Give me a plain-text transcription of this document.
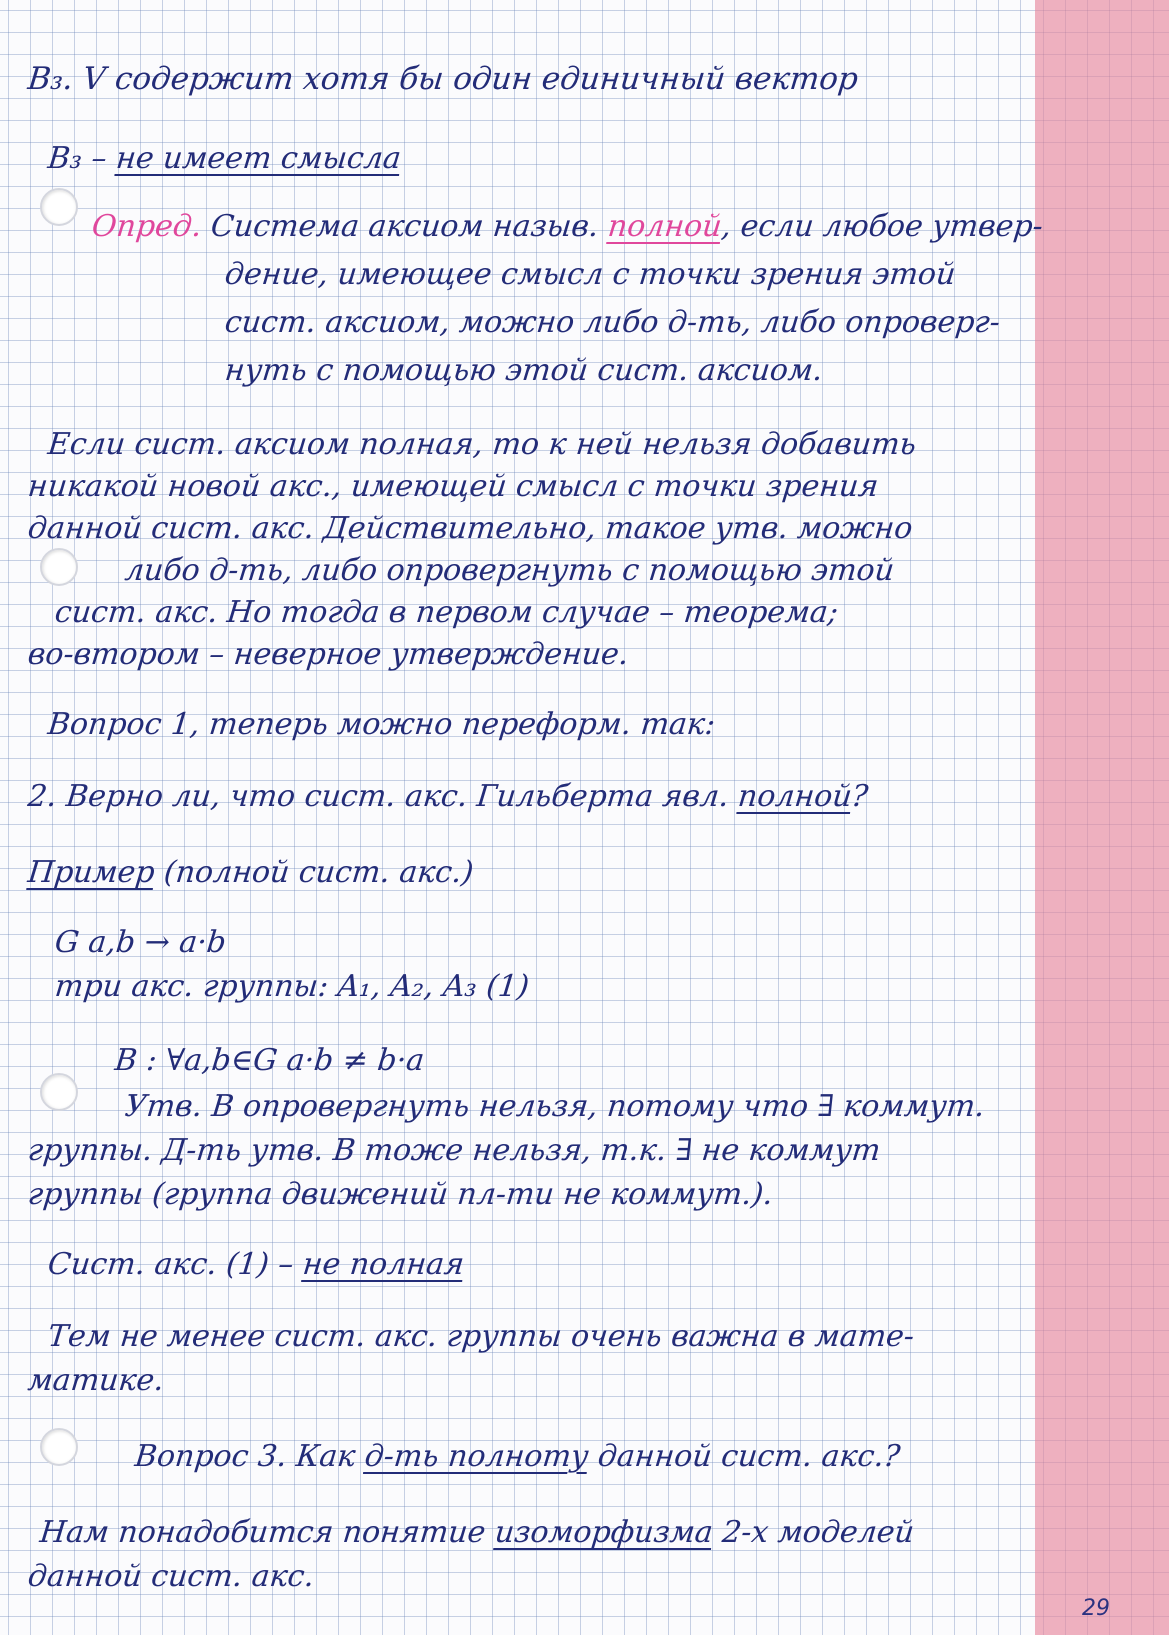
B₃. V содержит хотя бы один единичный вектор
B₃ – не имеет смысла
Опред. Система аксиом назыв. полной, если любое утвер-
дение, имеющее смысл с точки зрения этой
сист. аксиом, можно либо д-ть, либо опроверг-
нуть с помощью этой сист. аксиом.
Если сист. аксиом полная, то к ней нельзя добавить
никакой новой акс., имеющей смысл с точки зрения
данной сист. акс. Действительно, такое утв. можно
либо д-ть, либо опровергнуть с помощью этой
сист. акс. Но тогда в первом случае – теорема;
во-втором – неверное утверждение.
Вопрос 1, теперь можно переформ. так:
2. Верно ли, что сист. акс. Гильберта явл. полной?
Пример (полной сист. акс.)
G a,b → a·b
три акс. группы: A₁, A₂, A₃ (1)
B : ∀a,b∈G a·b ≠ b·a
Утв. B опровергнуть нельзя, потому что ∃ коммут.
группы. Д-ть утв. B тоже нельзя, т.к. ∃ не коммут
группы (группа движений пл-ти не коммут.).
Сист. акс. (1) – не полная
Тем не менее сист. акс. группы очень важна в мате-
матике.
Вопрос 3. Как д-ть полноту данной сист. акс.?
Нам понадобится понятие изоморфизма 2-х моделей
данной сист. акс.
29
